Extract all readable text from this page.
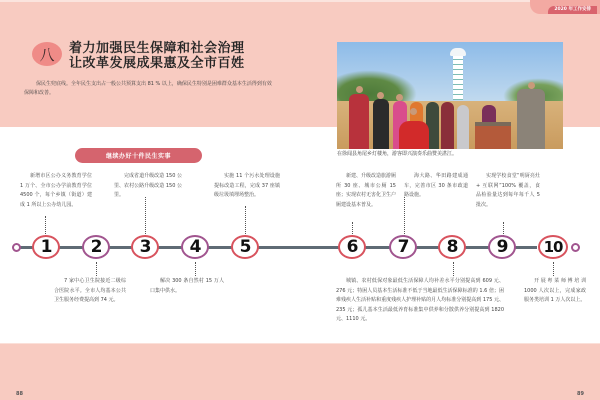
2020 年工作安排
八	着力加强民生保障和社会治理
让改革发展成果惠及全市百姓

保民生兜底线。全年民生支出占一般公共预算支出 81 % 以上，确保民生特别是困难群众基本生活得到有效保障和改善。

在徐闻县角尾乡灯楼角，游客即兴演奏乐曲赞美湛江。
继续办好十件民生实事

新增市区公办义务教育学位 1 万个、全市公办学前教育学位 4500 个，每个乡镇（街道）建成 1 所以上公办幼儿园。

完成省道升级改造 150 公里、农村公路升级改造 150 公里。

实施 11 个污水处理设施提标改造工程，完成 37 座镇级垃圾填埋场整治。

新建、升级改造旅游厕所 30 座、城市公厕 15 座；实现农村无害化卫生户厕建设基本普及。

海大路、华田路建成通车，完善市区 30 条市政道路设施。

实现学校食堂“明厨亮灶 + 互联网”100% 覆盖，食品检验量达到每年每千人 5 批次。

1	2	3	4	5	6	7	8	9	10

7 家中心卫生院接近二级综合医院水平。全市人均基本公共卫生服务经费提高到 74 元。

解决 300 条自然村 15 万人口集中供水。

城镇、农村低保对象最低生活保障人均补差水平分别提高到 609 元、276 元；特困人员基本生活标准不低于当地最低生活保障标准的 1.6 倍；困难残疾人生活补贴和重度残疾人护理补贴的月人均标准分别提高到 175 元、235 元；孤儿基本生活最低养育标准集中供养和分散供养分别提高到 1820 元、1110 元。

开展粤菜师傅培训 1000 人次以上，完成家政服务类培训 1 万人次以上。

88	89
